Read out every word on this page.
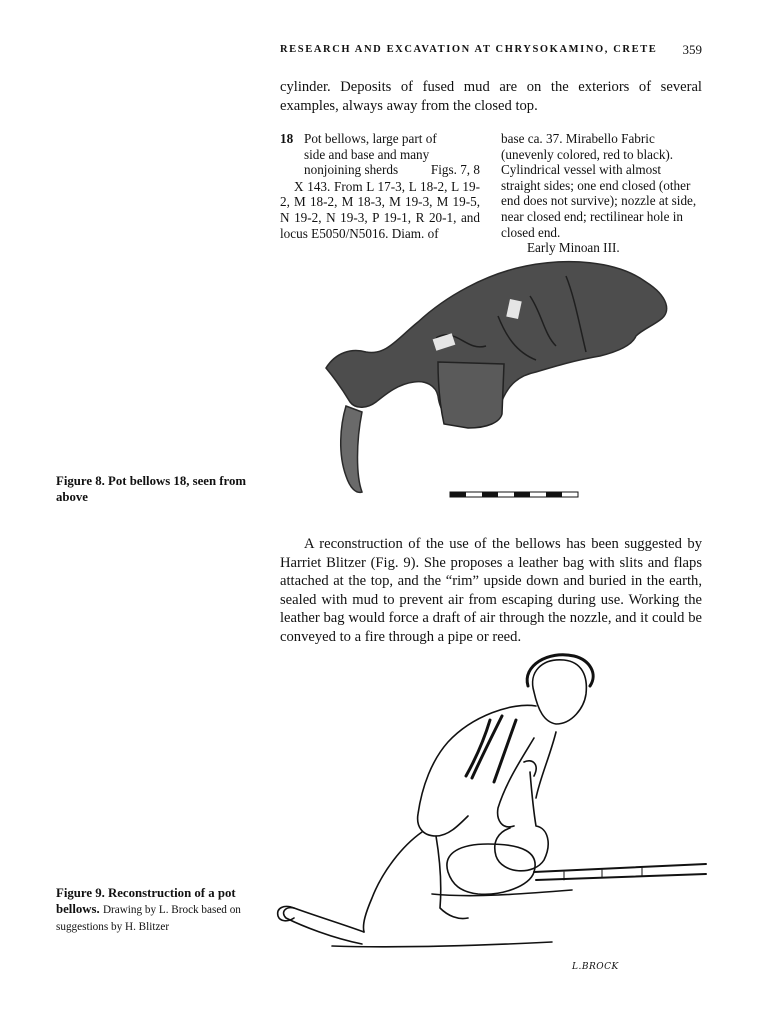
RESEARCH AND EXCAVATION AT CHRYSOKAMINO, CRETE 359
cylinder. Deposits of fused mud are on the exteriors of several examples, always away from the closed top.
18 Pot bellows, large part of
side and base and many
nonjoining sherds Figs. 7, 8
X 143. From L 17-3, L 18-2, L 19-2, M 18-2, M 18-3, M 19-3, M 19-5, N 19-2, N 19-3, P 19-1, R 20-1, and locus E5050/N5016. Diam. of
base ca. 37. Mirabello Fabric (unevenly colored, red to black). Cylindrical vessel with almost straight sides; one end closed (other end does not survive); nozzle at side, near closed end; rectilinear hole in closed end.
Early Minoan III.
Figure 8. Pot bellows 18, seen from above

A reconstruction of the use of the bellows has been suggested by Harriet Blitzer (Fig. 9). She proposes a leather bag with slits and flaps attached at the top, and the “rim” upside down and buried in the earth, sealed with mud to prevent air from escaping during use. Working the leather bag would force a draft of air through the nozzle, and it could be conveyed to a fire through a pipe or reed.

L.BROCK
Figure 9. Reconstruction of a pot bellows. Drawing by L. Brock based on suggestions by H. Blitzer
